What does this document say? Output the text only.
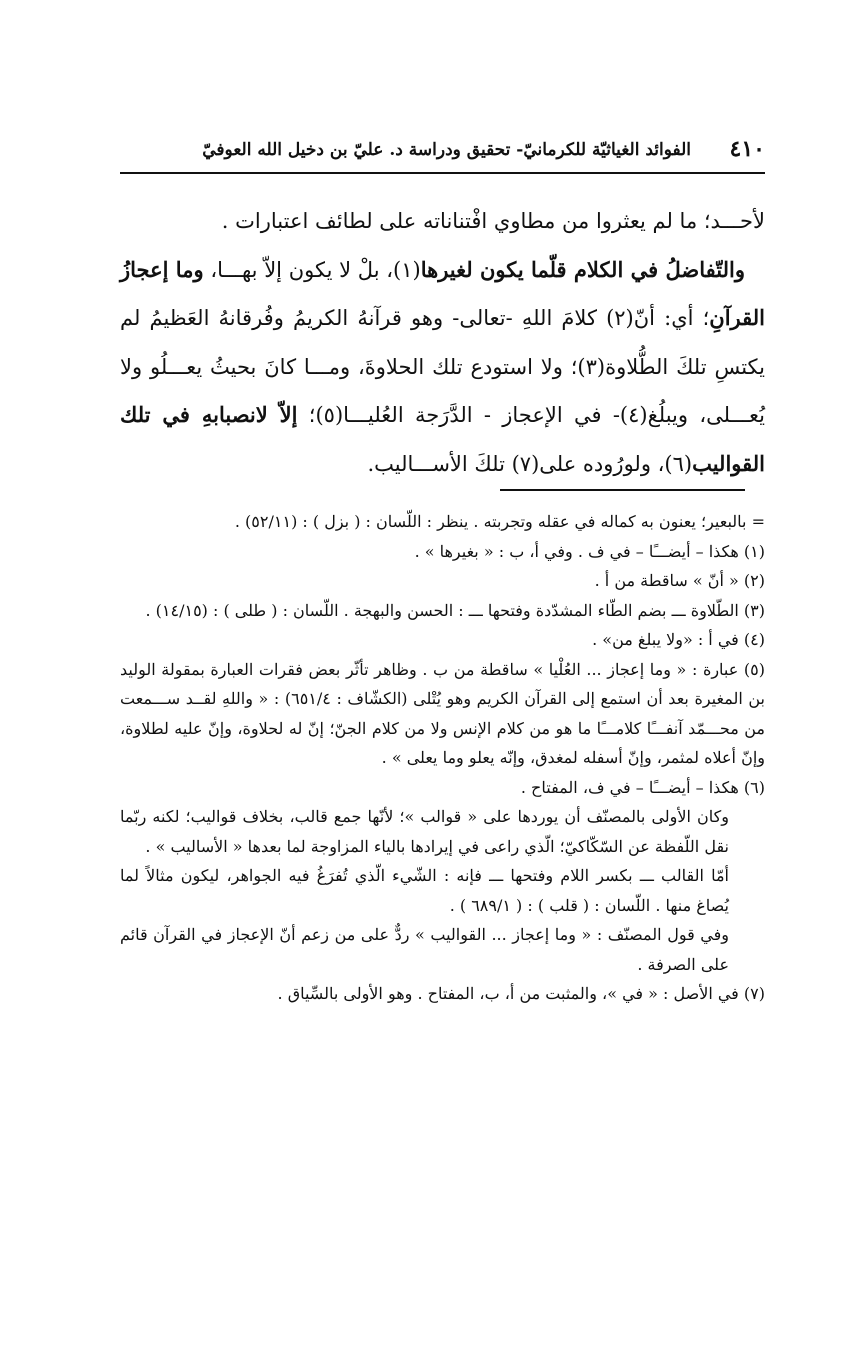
٤١٠
الفوائد الغياثيّة للكرمانيّ- تحقيق ودراسة د. عليّ بن دخيل الله العوفيّ

لأحـــد؛ ما لم يعثروا من مطاوي افْتناناته على لطائف اعتبارات .

والتّفاضلُ في الكلام قلّما يكون لغيرها(١)، بلْ لا يكون إلاّ بهـــا، وما إعجازُ القرآنِ؛ أي: أنّ(٢) كلامَ اللهِ -تعالى- وهو قرآنهُ الكريمُ وفُرقانهُ العَظيمُ لم يكتسِ تلكَ الطُّلاوة(٣)؛ ولا استودع تلك الحلاوةَ، ومـــا كانَ بحيثُ يعـــلُو ولا يُعـــلى، ويبلُغ(٤)- في الإعجاز - الدَّرَجة العُليـــا(٥)؛ إلاّ لانصبابهِ في تلك القواليب(٦)، ولورُوده على(٧) تلكَ الأســـاليب.

= بالبعير؛ يعنون به كماله في عقله وتجربته . ينظر : اللّسان : ( بزل ) : (٥٢/١١) .

(١) هكذا – أيضـــًا – في ف . وفي أ، ب : « بغيرها » .

(٢) « أنّ » ساقطة من أ .

(٣) الطّلاوة ـــ بضم الطّاء المشدّدة وفتحها ـــ : الحسن والبهجة . اللّسان : ( طلى ) : (١٤/١٥) .

(٤) في أ : «ولا يبلغ من» .

(٥) عبارة : « وما إعجاز ... العُلْيا » ساقطة من ب . وظاهر تأثّر بعض فقرات العبارة بمقولة الوليد بن المغيرة بعد أن استمع إلى القرآن الكريم وهو يُتْلى (الكشّاف : ٦٥١/٤) : « واللهِ لقــد ســـمعت من محـــمّد آنفـــًا كلامـــًا ما هو من كلام الإنس ولا من كلام الجنّ؛ إنّ له لحلاوة، وإنّ عليه لطلاوة، وإنّ أعلاه لمثمر، وإنّ أسفله لمغدق، وإنّه يعلو وما يعلى » .

(٦) هكذا – أيضـــًا – في ف، المفتاح .

وكان الأولى بالمصنّف أن يوردها على « قوالب »؛ لأنّها جمع قالب، بخلاف قواليب؛ لكنه ربّما نقل اللّفظة عن السّكّاكيّ؛ الّذي راعى في إيرادها بالياء المزاوجة لما بعدها « الأساليب » .

أمّا القالب ـــ بكسر اللام وفتحها ـــ فإنه : الشّيء الّذي تُفرَغُ فيه الجواهر، ليكون مثالاً لما يُصاغ منها . اللّسان : ( قلب ) : ( ٦٨٩/١ ) .

وفي قول المصنّف : « وما إعجاز ... القواليب » ردٌّ على من زعم أنّ الإعجاز في القرآن قائم على الصرفة .

(٧) في الأصل : « في »، والمثبت من أ، ب، المفتاح . وهو الأولى بالسِّياق .
